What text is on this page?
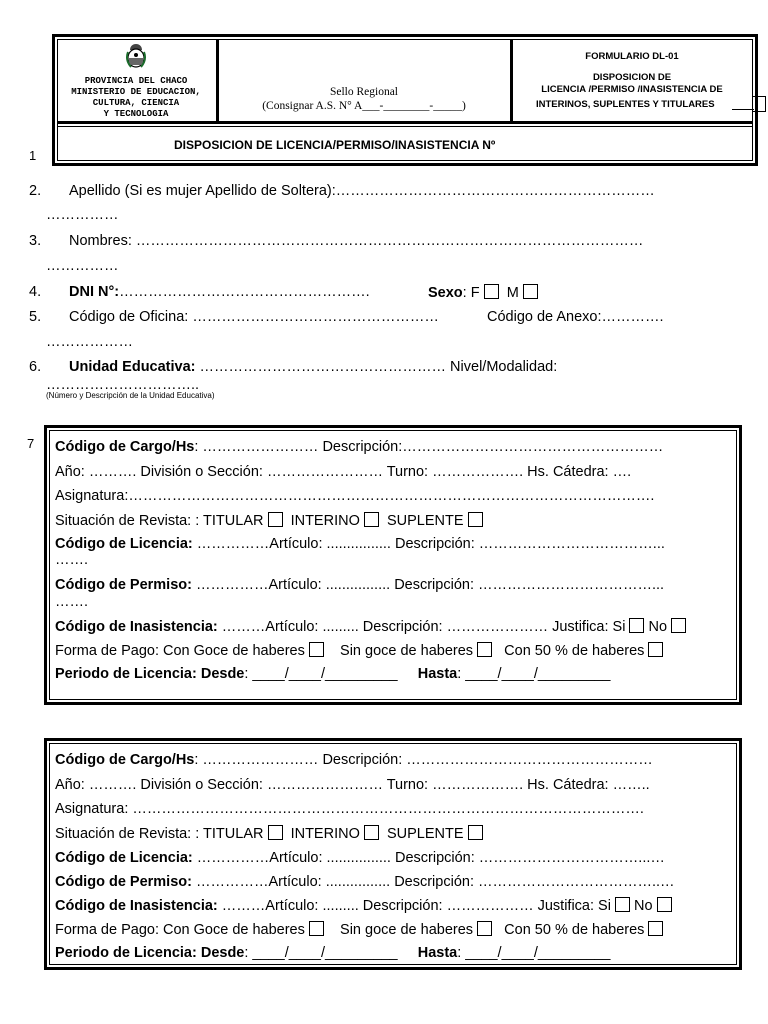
PROVINCIA DEL CHACO
MINISTERIO DE EDUCACION,
CULTURA, CIENCIA
Y TECNOLOGIA
Sello Regional
(Consignar A.S. N° A___-________-_____)
FORMULARIO DL-01
DISPOSICION DE
LICENCIA /PERMISO /INASISTENCIA DE
INTERINOS, SUPLENTES Y TITULARES
DISPOSICION DE LICENCIA/PERMISO/INASISTENCIA Nº
1
2. Apellido (Si es mujer Apellido de Soltera):…………………………………………………………
……………
3. Nombres: ……………………………………………………………………………………………
……………
4. DNI N°:…………………………………………….	Sexo: F M
5. Código de Oficina: ……………………………………………	Código de Anexo:………….
………………
6. Unidad Educativa: …………………………………………… Nivel/Modalidad:
…………………………..
(Número y Descripción de la Unidad Educativa)
7 Código de Cargo/Hs: …………………… Descripción:………………………………………………
Año: ………. División o Sección: …………………… Turno: ………………. Hs. Cátedra: ….
Asignatura:……………………………………………………………………………………………….
Situación de Revista: : TITULAR INTERINO SUPLENTE
Código de Licencia: ……………Artículo: ................ Descripción: ………………………………...
…….
Código de Permiso: ……………Artículo: ................ Descripción: ………………………………...
…….
Código de Inasistencia: ………Artículo: ......... Descripción: ………………… Justifica: Si No
Forma de Pago: Con Goce de haberes Sin goce de haberes Con 50 % de haberes
Periodo de Licencia: Desde: ____/____/_________     Hasta: ____/____/_________
Código de Cargo/Hs: …………………… Descripción: ……………………………………………
Año: ………. División o Sección: …………………… Turno: ………………. Hs. Cátedra: ……..
Asignatura: …………………………………………………………………………………………….
Situación de Revista: : TITULAR INTERINO SUPLENTE
Código de Licencia: ……………Artículo: ................ Descripción: ……………………………...…
Código de Permiso: ……………Artículo: ................ Descripción: ………………………………..…
Código de Inasistencia: ………Artículo: ......... Descripción: ……………… Justifica: Si No
Forma de Pago: Con Goce de haberes Sin goce de haberes Con 50 % de haberes
Periodo de Licencia: Desde: ____/____/_________     Hasta: ____/____/_________
